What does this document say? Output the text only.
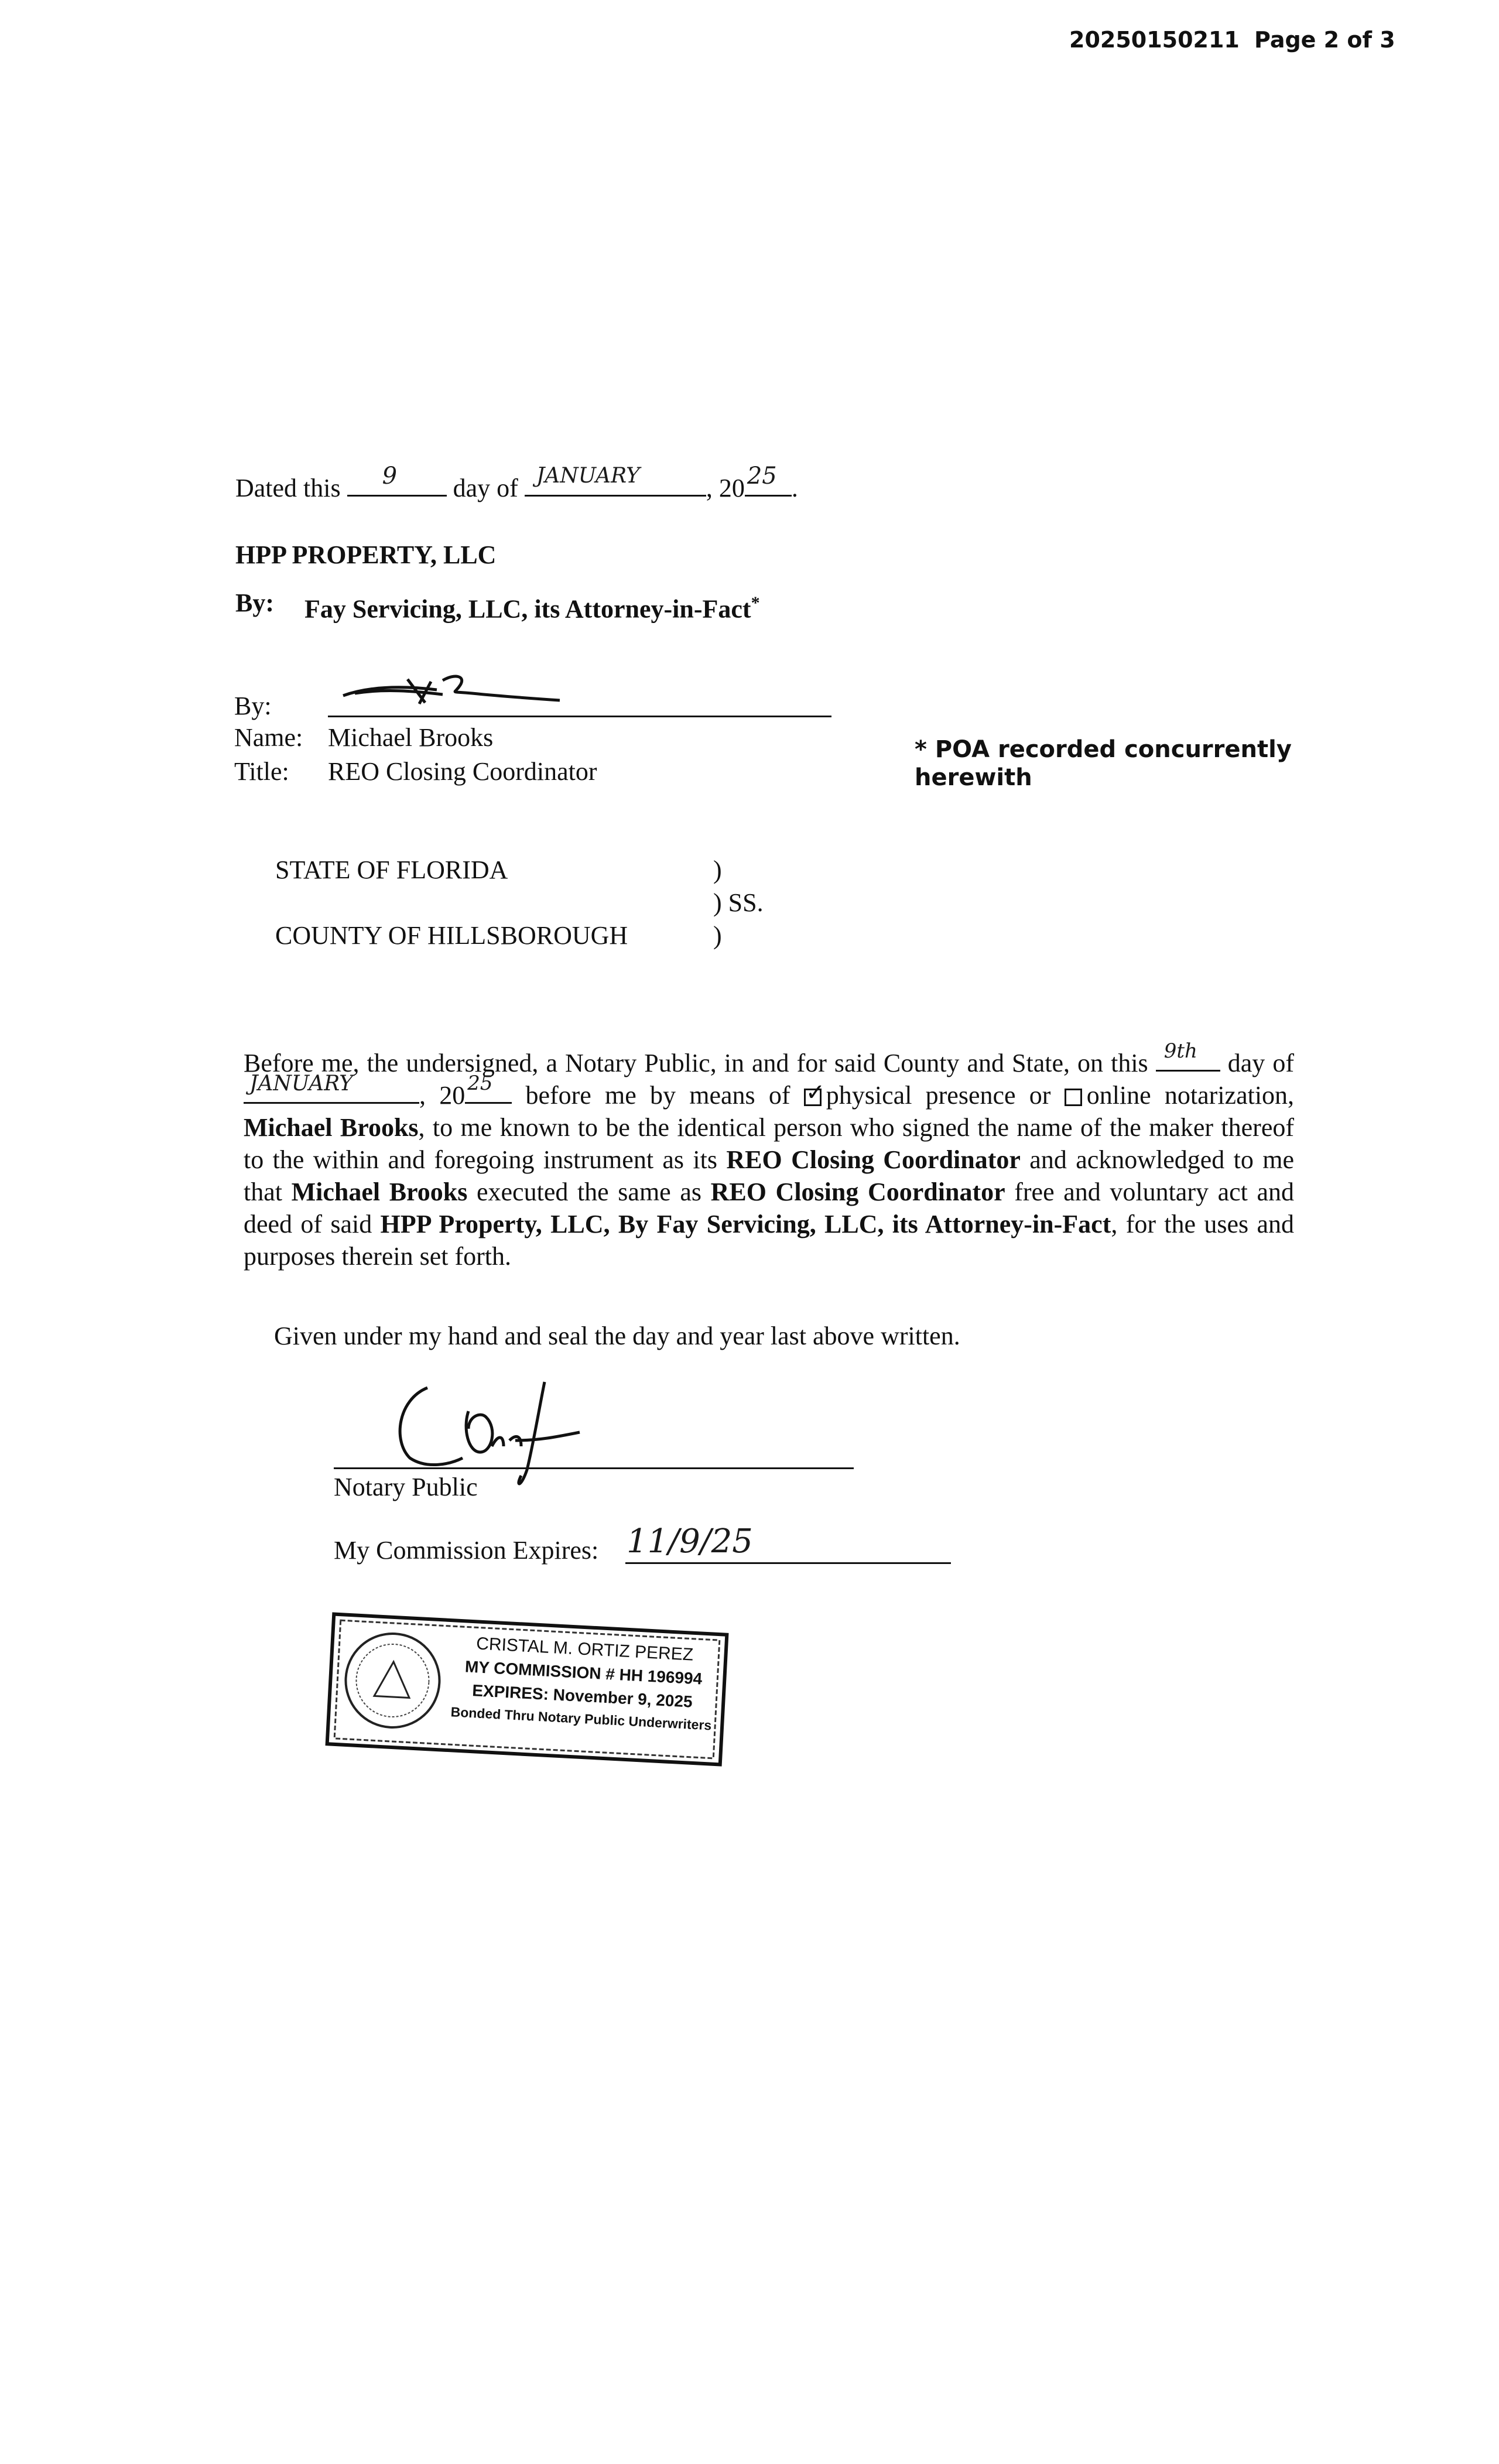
20250150211 Page 2 of 3
Dated this 9 day of JANUARY	, 20 25 .
HPP PROPERTY, LLC
By: Fay Servicing, LLC, its Attorney-in-Fact*
By:
Name: Michael Brooks
Title: REO Closing Coordinator
* POA recorded concurrently herewith
STATE OF FLORIDA	)
) SS.
COUNTY OF HILLSBOROUGH	)
Before me, the undersigned, a Notary Public, in and for said County and State, on this 9th day of
JANUARY	, 20 25 before me by means of ✓ physical presence or online notarization, Michael Brooks, to me known to be the identical person who signed the name of the maker thereof to the within and foregoing instrument as its REO Closing Coordinator and acknowledged to me that Michael Brooks executed the same as REO Closing Coordinator free and voluntary act and deed of said HPP Property, LLC, By Fay Servicing, LLC, its Attorney-in-Fact, for the uses and purposes therein set forth.
Given under my hand and seal the day and year last above written.
Notary Public
My Commission Expires: 11/9/25
CRISTAL M. ORTIZ PEREZ
MY COMMISSION # HH 196994
EXPIRES: November 9, 2025
Bonded Thru Notary Public Underwriters
